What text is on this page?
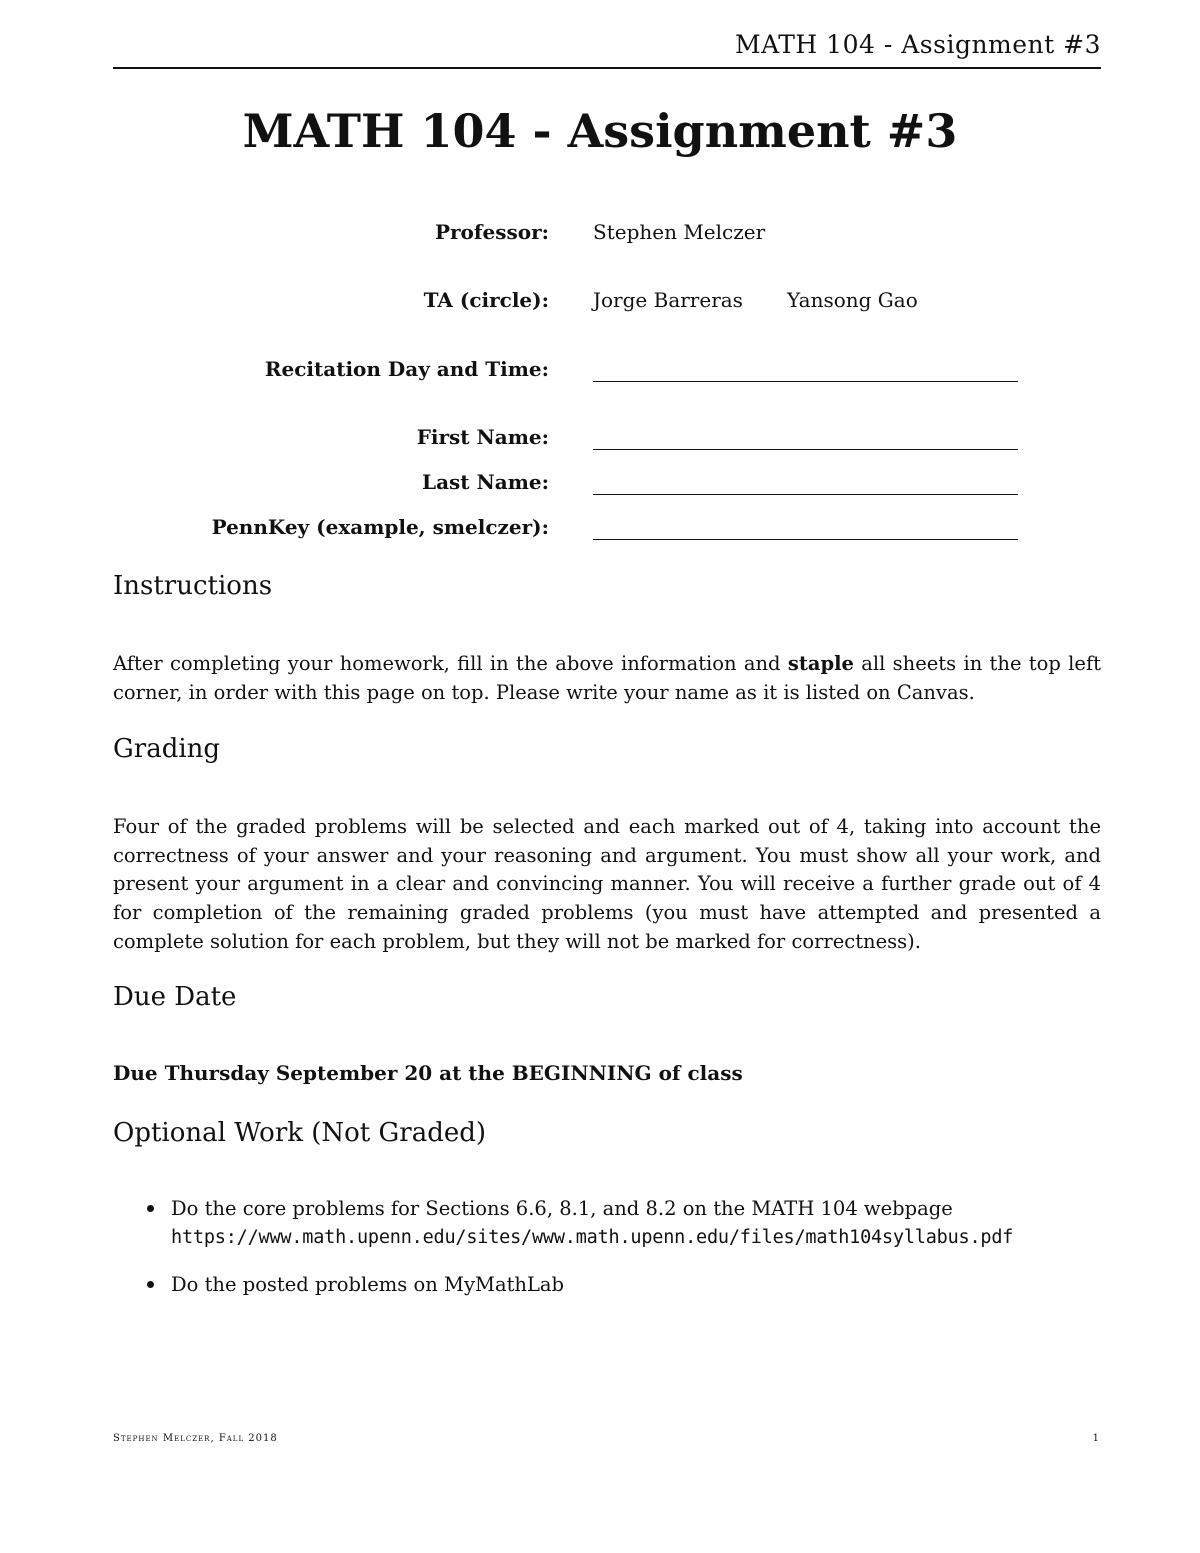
MATH 104 - Assignment #3
MATH 104 - Assignment #3
Professor: Stephen Melczer
TA (circle): Jorge Barreras Yansong Gao
Recitation Day and Time:
First Name:
Last Name:
PennKey (example, smelczer):
Instructions

After completing your homework, fill in the above information and staple all sheets in the top left corner, in order with this page on top. Please write your name as it is listed on Canvas.

Grading

Four of the graded problems will be selected and each marked out of 4, taking into account the correctness of your answer and your reasoning and argument. You must show all your work, and present your argument in a clear and convincing manner. You will receive a further grade out of 4 for completion of the remaining graded problems (you must have attempted and presented a complete solution for each problem, but they will not be marked for correctness).

Due Date
Due Thursday September 20 at the BEGINNING of class
Optional Work (Not Graded)
Do the core problems for Sections 6.6, 8.1, and 8.2 on the MATH 104 webpage
https://www.math.upenn.edu/sites/www.math.upenn.edu/files/math104syllabus.pdf
Do the posted problems on MyMathLab
Stephen Melczer, Fall 2018	1
